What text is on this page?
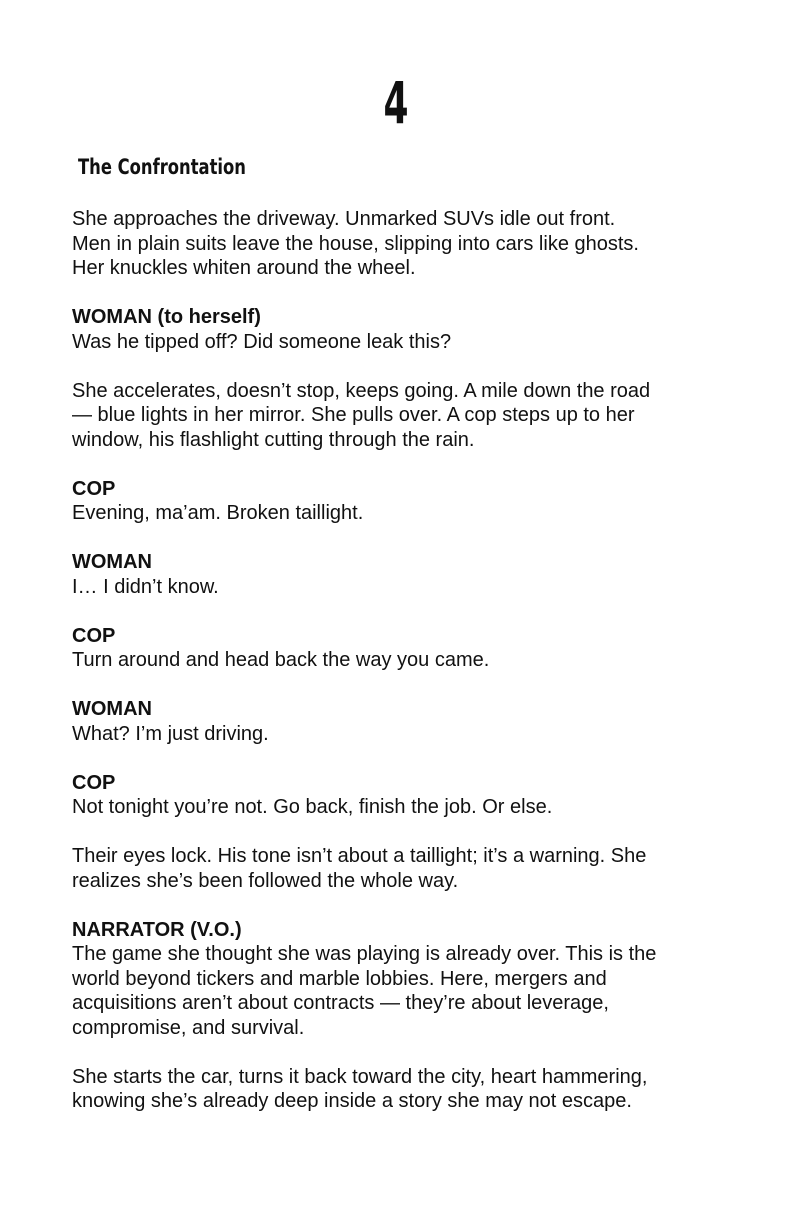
4
The Confrontation
She approaches the driveway. Unmarked SUVs idle out front.
Men in plain suits leave the house, slipping into cars like ghosts.
Her knuckles whiten around the wheel.
WOMAN (to herself)
Was he tipped off? Did someone leak this?
She accelerates, doesn’t stop, keeps going. A mile down the road
— blue lights in her mirror. She pulls over. A cop steps up to her
window, his flashlight cutting through the rain.
COP
Evening, ma’am. Broken taillight.
WOMAN
I… I didn’t know.
COP
Turn around and head back the way you came.
WOMAN
What? I’m just driving.
COP
Not tonight you’re not. Go back, finish the job. Or else.
Their eyes lock. His tone isn’t about a taillight; it’s a warning. She
realizes she’s been followed the whole way.
NARRATOR (V.O.)
The game she thought she was playing is already over. This is the
world beyond tickers and marble lobbies. Here, mergers and
acquisitions aren’t about contracts — they’re about leverage,
compromise, and survival.
She starts the car, turns it back toward the city, heart hammering,
knowing she’s already deep inside a story she may not escape.
